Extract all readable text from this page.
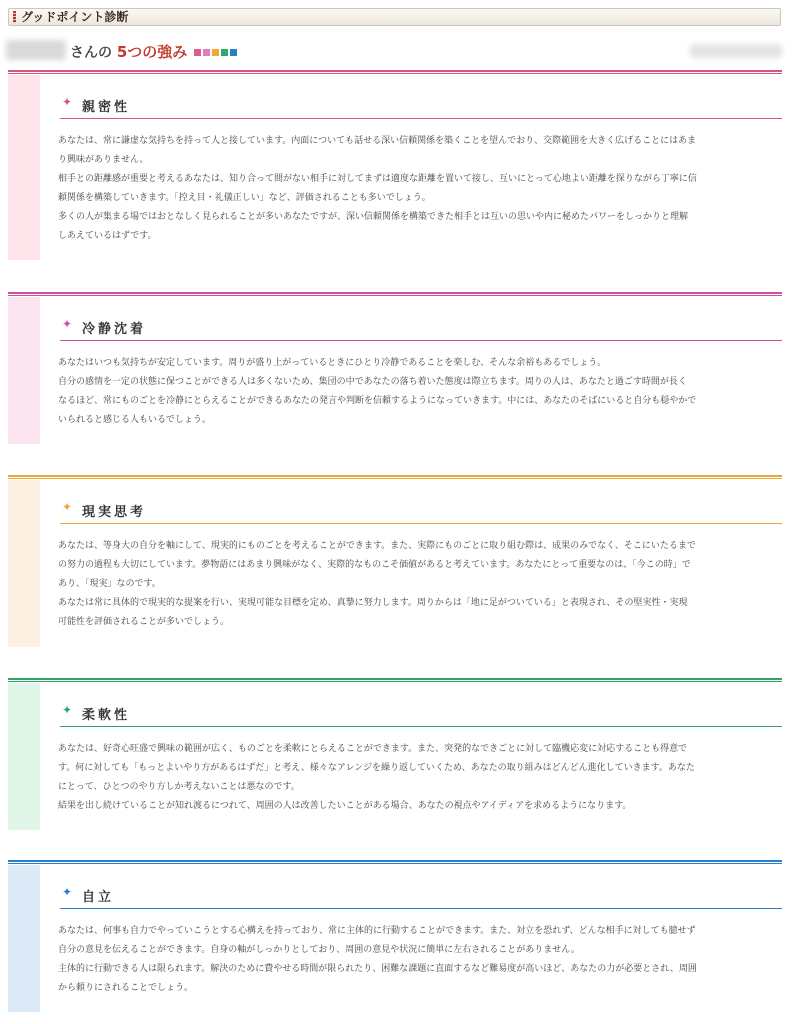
グッドポイント診断
さんの 5つの強み
✦ 親密性

あなたは、常に謙虚な気持ちを持って人と接しています。内面についても話せる深い信頼関係を築くことを望んでおり、交際範囲を大きく広げることにはあま

り興味がありません。

相手との距離感が重要と考えるあなたは、知り合って間がない相手に対してまずは適度な距離を置いて接し、互いにとって心地よい距離を探りながら丁寧に信

頼関係を構築していきます。「控え目・礼儀正しい」など、評価されることも多いでしょう。

多くの人が集まる場ではおとなしく見られることが多いあなたですが、深い信頼関係を構築できた相手とは互いの思いや内に秘めたパワーをしっかりと理解

しあえているはずです。

✦ 冷静沈着

あなたはいつも気持ちが安定しています。周りが盛り上がっているときにひとり冷静であることを楽しむ、そんな余裕もあるでしょう。

自分の感情を一定の状態に保つことができる人は多くないため、集団の中であなたの落ち着いた態度は際立ちます。周りの人は、あなたと過ごす時間が長く

なるほど、常にものごとを冷静にとらえることができるあなたの発言や判断を信頼するようになっていきます。中には、あなたのそばにいると自分も穏やかで

いられると感じる人もいるでしょう。

✦ 現実思考

あなたは、等身大の自分を軸にして、現実的にものごとを考えることができます。また、実際にものごとに取り組む際は、成果のみでなく、そこにいたるまで

の努力の過程も大切にしています。夢物語にはあまり興味がなく、実際的なものこそ価値があると考えています。あなたにとって重要なのは、「今この時」で

あり、「現実」なのです。

あなたは常に具体的で現実的な提案を行い、実現可能な目標を定め、真摯に努力します。周りからは「地に足がついている」と表現され、その堅実性・実現

可能性を評価されることが多いでしょう。

✦ 柔軟性

あなたは、好奇心旺盛で興味の範囲が広く、ものごとを柔軟にとらえることができます。また、突発的なできごとに対して臨機応変に対応することも得意で

す。何に対しても「もっとよいやり方があるはずだ」と考え、様々なアレンジを繰り返していくため、あなたの取り組みはどんどん進化していきます。あなた

にとって、ひとつのやり方しか考えないことは悪なのです。

結果を出し続けていることが知れ渡るにつれて、周囲の人は改善したいことがある場合、あなたの視点やアイディアを求めるようになります。

✦ 自立

あなたは、何事も自力でやっていこうとする心構えを持っており、常に主体的に行動することができます。また、対立を恐れず、どんな相手に対しても臆せず

自分の意見を伝えることができます。自身の軸がしっかりとしており、周囲の意見や状況に簡単に左右されることがありません。

主体的に行動できる人は限られます。解決のために費やせる時間が限られたり、困難な課題に直面するなど難易度が高いほど、あなたの力が必要とされ、周囲

から頼りにされることでしょう。
